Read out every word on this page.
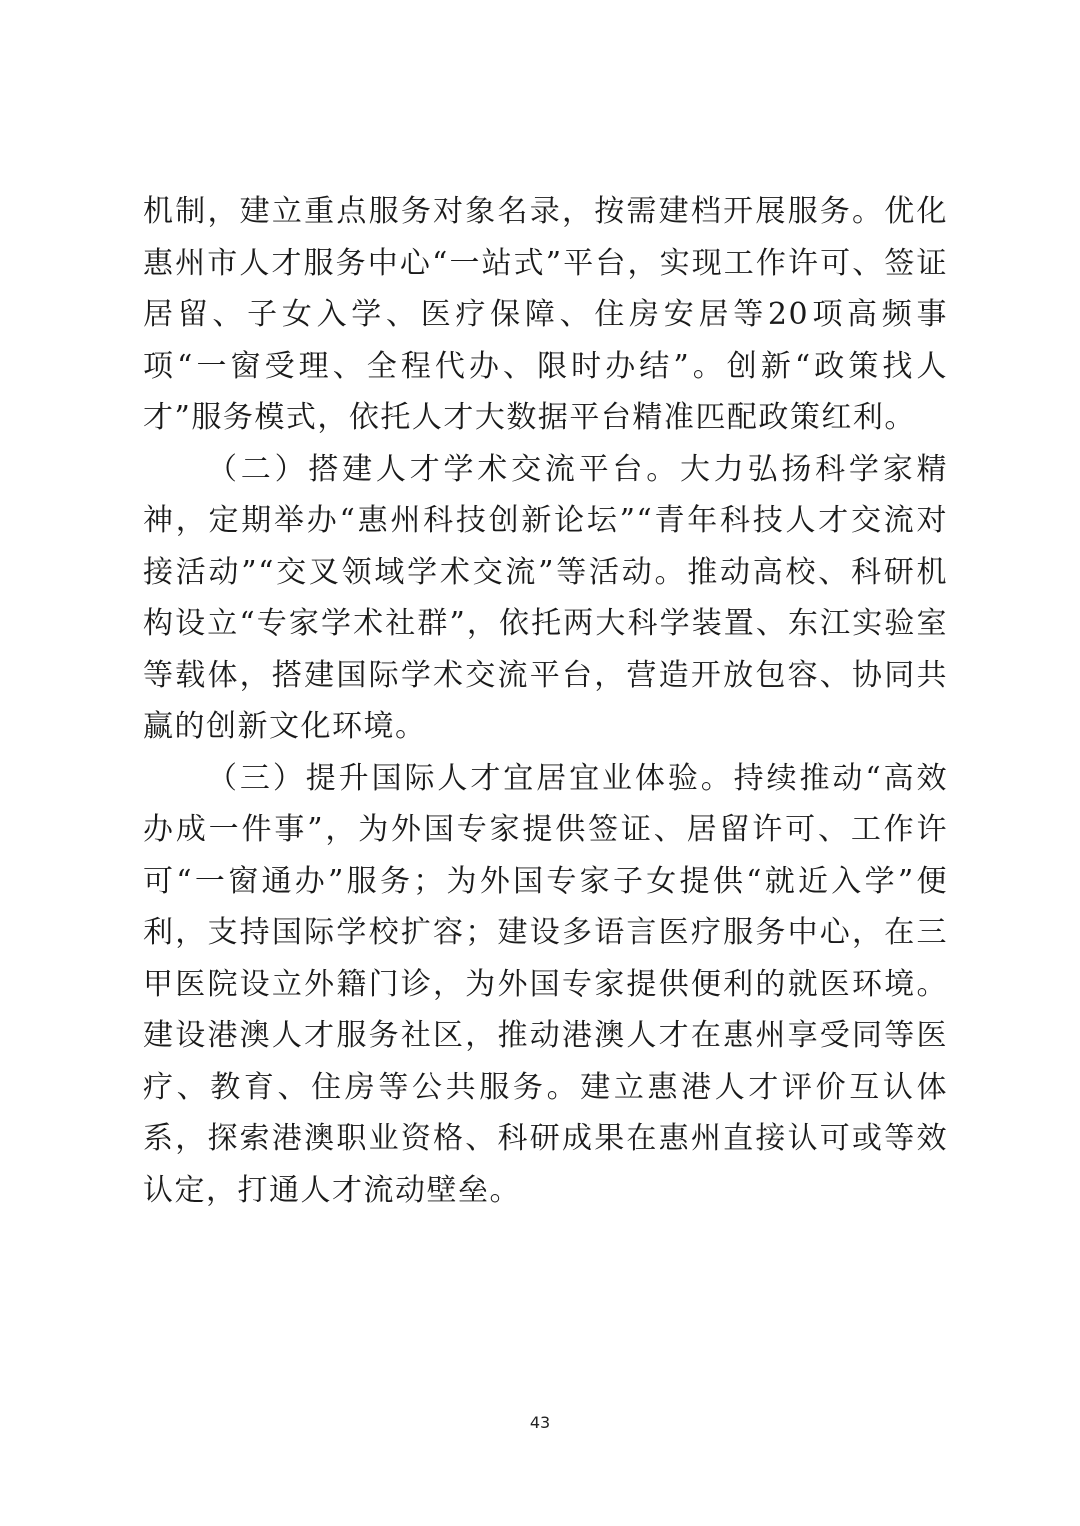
机制，建立重点服务对象名录，按需建档开展服务。优化惠州市人才服务中心“一站式”平台，实现工作许可、签证居留、子女入学、医疗保障、住房安居等20项高频事项“一窗受理、全程代办、限时办结”。创新“政策找人才”服务模式，依托人才大数据平台精准匹配政策红利。

（二）搭建人才学术交流平台。大力弘扬科学家精神，定期举办“惠州科技创新论坛”“青年科技人才交流对接活动”“交叉领域学术交流”等活动。推动高校、科研机构设立“专家学术社群”，依托两大科学装置、东江实验室等载体，搭建国际学术交流平台，营造开放包容、协同共赢的创新文化环境。

（三）提升国际人才宜居宜业体验。持续推动“高效办成一件事”，为外国专家提供签证、居留许可、工作许可“一窗通办”服务；为外国专家子女提供“就近入学”便利，支持国际学校扩容；建设多语言医疗服务中心，在三甲医院设立外籍门诊，为外国专家提供便利的就医环境。建设港澳人才服务社区，推动港澳人才在惠州享受同等医疗、教育、住房等公共服务。建立惠港人才评价互认体系，探索港澳职业资格、科研成果在惠州直接认可或等效认定，打通人才流动壁垒。

43
